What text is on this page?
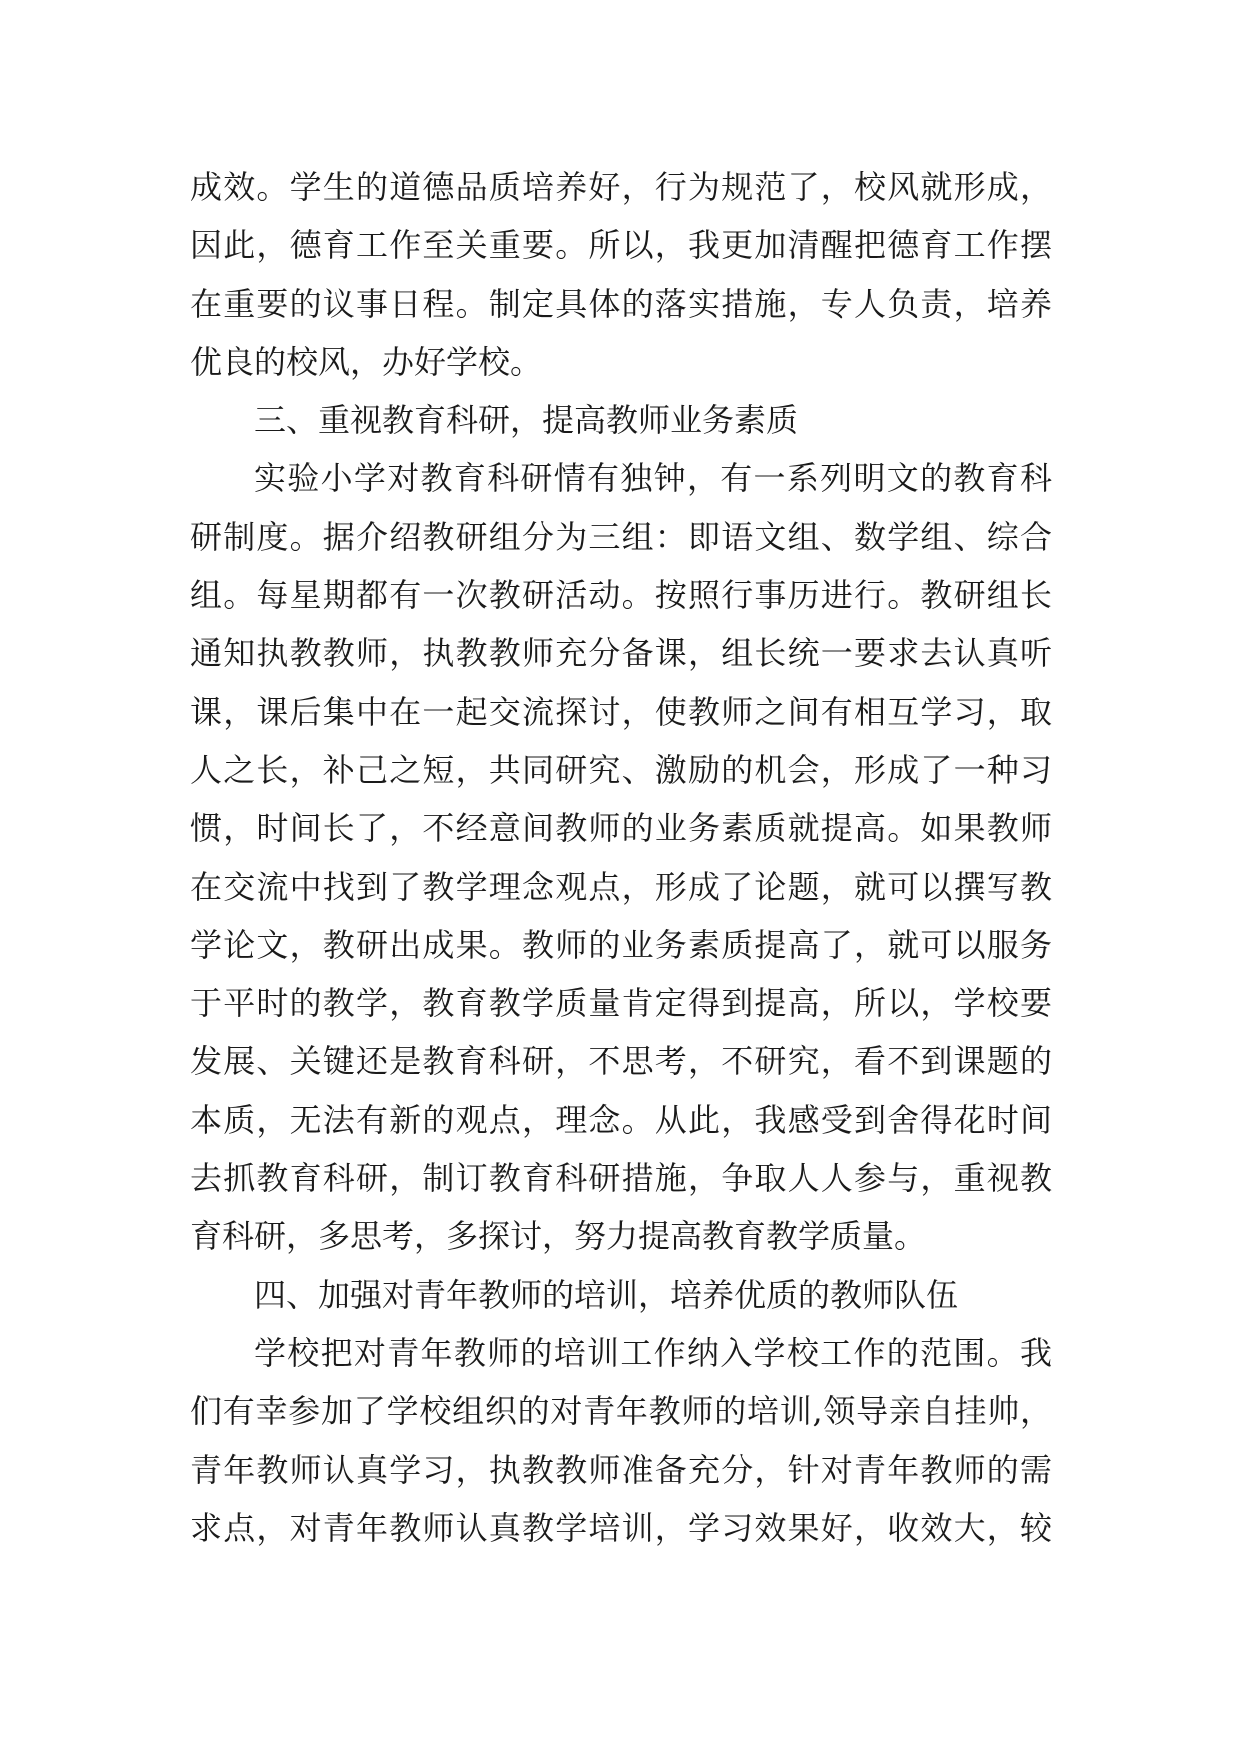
成效。学生的道德品质培养好，行为规范了，校风就形成，
因此，德育工作至关重要。所以，我更加清醒把德育工作摆
在重要的议事日程。制定具体的落实措施，专人负责，培养
优良的校风，办好学校。
三、重视教育科研，提高教师业务素质
实验小学对教育科研情有独钟，有一系列明文的教育科
研制度。据介绍教研组分为三组：即语文组、数学组、综合
组。每星期都有一次教研活动。按照行事历进行。教研组长
通知执教教师，执教教师充分备课，组长统一要求去认真听
课，课后集中在一起交流探讨，使教师之间有相互学习，取
人之长，补己之短，共同研究、激励的机会，形成了一种习
惯，时间长了，不经意间教师的业务素质就提高。如果教师
在交流中找到了教学理念观点，形成了论题，就可以撰写教
学论文，教研出成果。教师的业务素质提高了，就可以服务
于平时的教学，教育教学质量肯定得到提高，所以，学校要
发展、关键还是教育科研，不思考，不研究，看不到课题的
本质，无法有新的观点，理念。从此，我感受到舍得花时间
去抓教育科研，制订教育科研措施，争取人人参与，重视教
育科研，多思考，多探讨，努力提高教育教学质量。
四、加强对青年教师的培训，培养优质的教师队伍
学校把对青年教师的培训工作纳入学校工作的范围。我
们有幸参加了学校组织的对青年教师的培训,领导亲自挂帅，
青年教师认真学习，执教教师准备充分，针对青年教师的需
求点，对青年教师认真教学培训，学习效果好，收效大，较
